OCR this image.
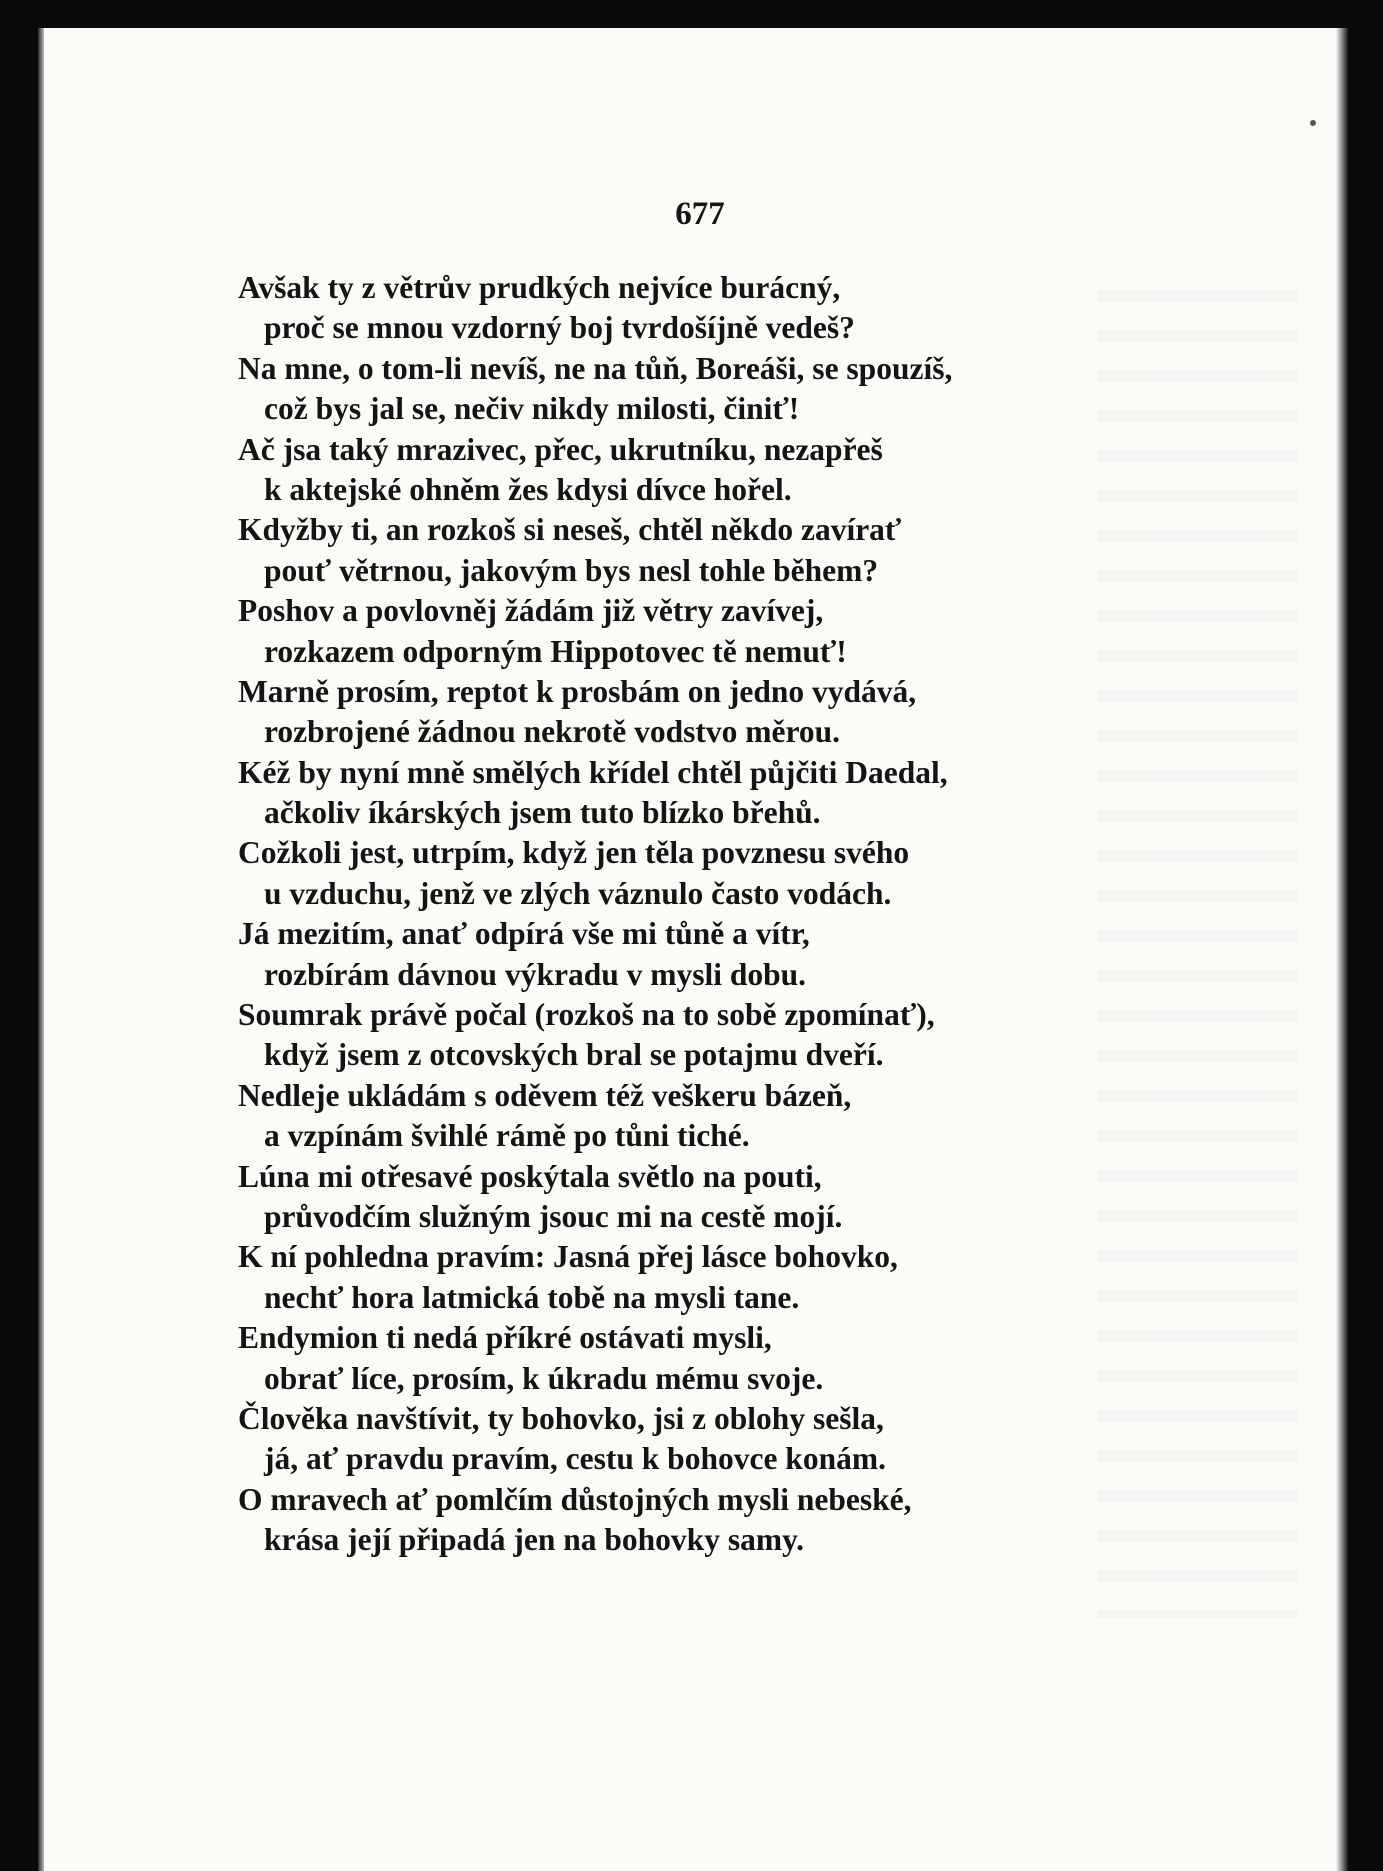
677
Avšak ty z větrův prudkých nejvíce burácný,
proč se mnou vzdorný boj tvrdošíjně vedeš?
Na mne, o tom-li nevíš, ne na tůň, Boreáši, se spouzíš,
což bys jal se, nečiv nikdy milosti, činiť!
Ač jsa taký mrazivec, přec, ukrutníku, nezapřeš
k aktejské ohněm žes kdysi dívce hořel.
Kdyžby ti, an rozkoš si neseš, chtěl někdo zavírať
pouť větrnou, jakovým bys nesl tohle během?
Poshov a povlovněj žádám již větry zavívej,
rozkazem odporným Hippotovec tě nemuť!
Marně prosím, reptot k prosbám on jedno vydává,
rozbrojené žádnou nekrotě vodstvo měrou.
Kéž by nyní mně smělých křídel chtěl půjčiti Daedal,
ačkoliv íkárských jsem tuto blízko břehů.
Cožkoli jest, utrpím, když jen těla povznesu svého
u vzduchu, jenž ve zlých váznulo často vodách.
Já mezitím, anať odpírá vše mi tůně a vítr,
rozbírám dávnou výkradu v mysli dobu.
Soumrak právě počal (rozkoš na to sobě zpomínať),
když jsem z otcovských bral se potajmu dveří.
Nedleje ukládám s oděvem též veškeru bázeň,
a vzpínám švihlé rámě po tůni tiché.
Lúna mi otřesavé poskýtala světlo na pouti,
průvodčím služným jsouc mi na cestě mojí.
K ní pohledna pravím: Jasná přej lásce bohovko,
nechť hora latmická tobě na mysli tane.
Endymion ti nedá příkré ostávati mysli,
obrať líce, prosím, k úkradu mému svoje.
Člověka navštívit, ty bohovko, jsi z oblohy sešla,
já, ať pravdu pravím, cestu k bohovce konám.
O mravech ať pomlčím důstojných mysli nebeské,
krása její připadá jen na bohovky samy.
